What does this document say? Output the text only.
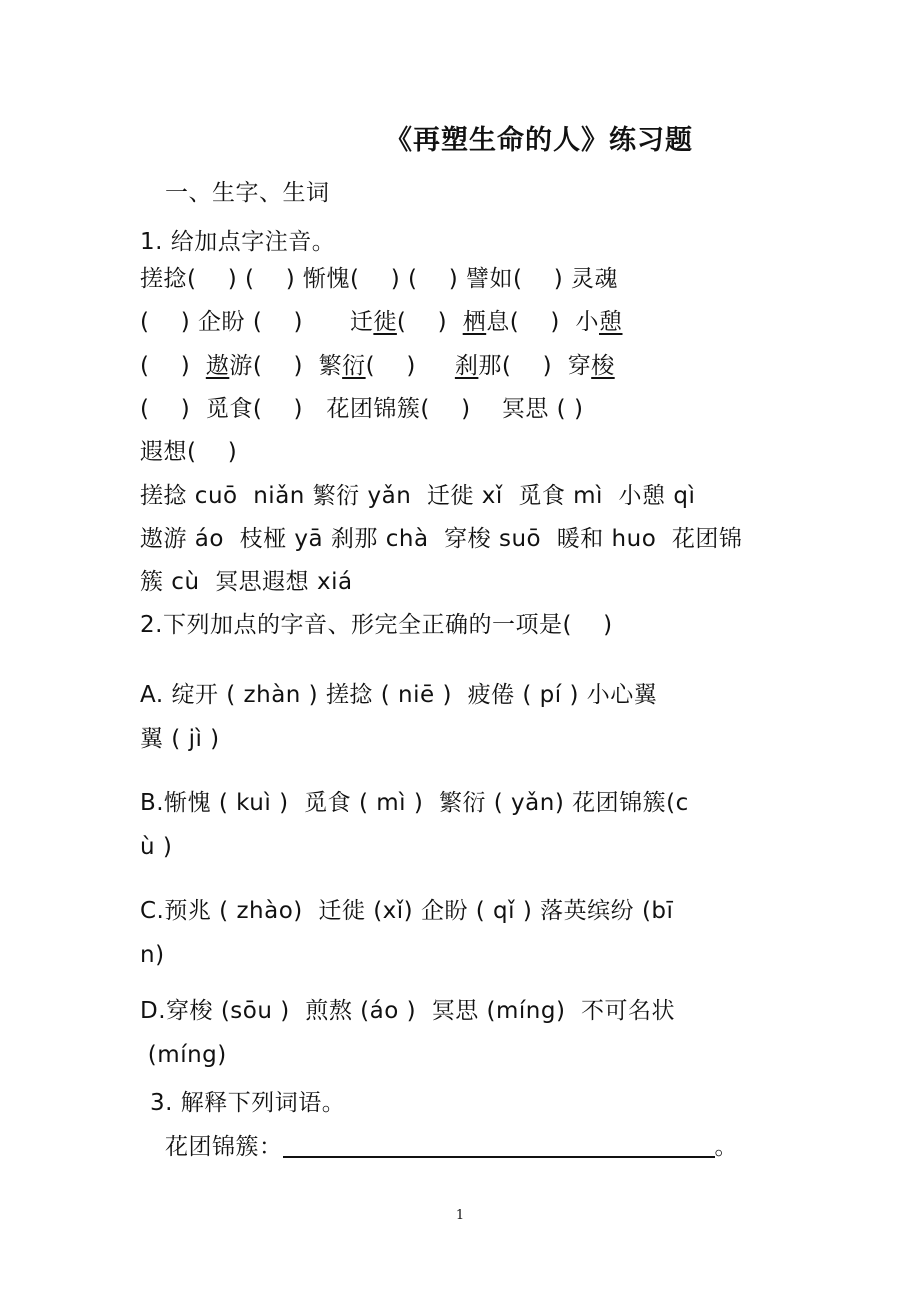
《再塑生命的人》练习题
一、生字、生词
1. 给加点字注音。
搓捻(    ) (    ) 惭愧(    ) (    ) 譬如(    ) 灵魂
(    ) 企盼 (    )      迁徙(    )  栖息(    )  小憩
(    )  遨游(    )  繁衍(    )     刹那(    )  穿梭
(    )  觅食(    )   花团锦簇(    )    冥思 ( )
遐想(    )
搓捻 cuō  niǎn 繁衍 yǎn  迁徙 xǐ  觅食 mì  小憩 qì
遨游 áo  枝桠 yā 刹那 chà  穿梭 suō  暖和 huo  花团锦
簇 cù  冥思遐想 xiá
2.下列加点的字音、形完全正确的一项是(    )
A. 绽开 ( zhàn ) 搓捻 ( niē )  疲倦 ( pí ) 小心翼
翼 ( jì )
B.惭愧 ( kuì )  觅食 ( mì )  繁衍 ( yǎn) 花团锦簇(c
ù )
C.预兆 ( zhào)  迁徙 (xǐ) 企盼 ( qǐ ) 落英缤纷 (bī
n)
D.穿梭 (sōu )  煎熬 (áo )  冥思 (míng)  不可名状
(míng)
3. 解释下列词语。
花团锦簇：	。
1
